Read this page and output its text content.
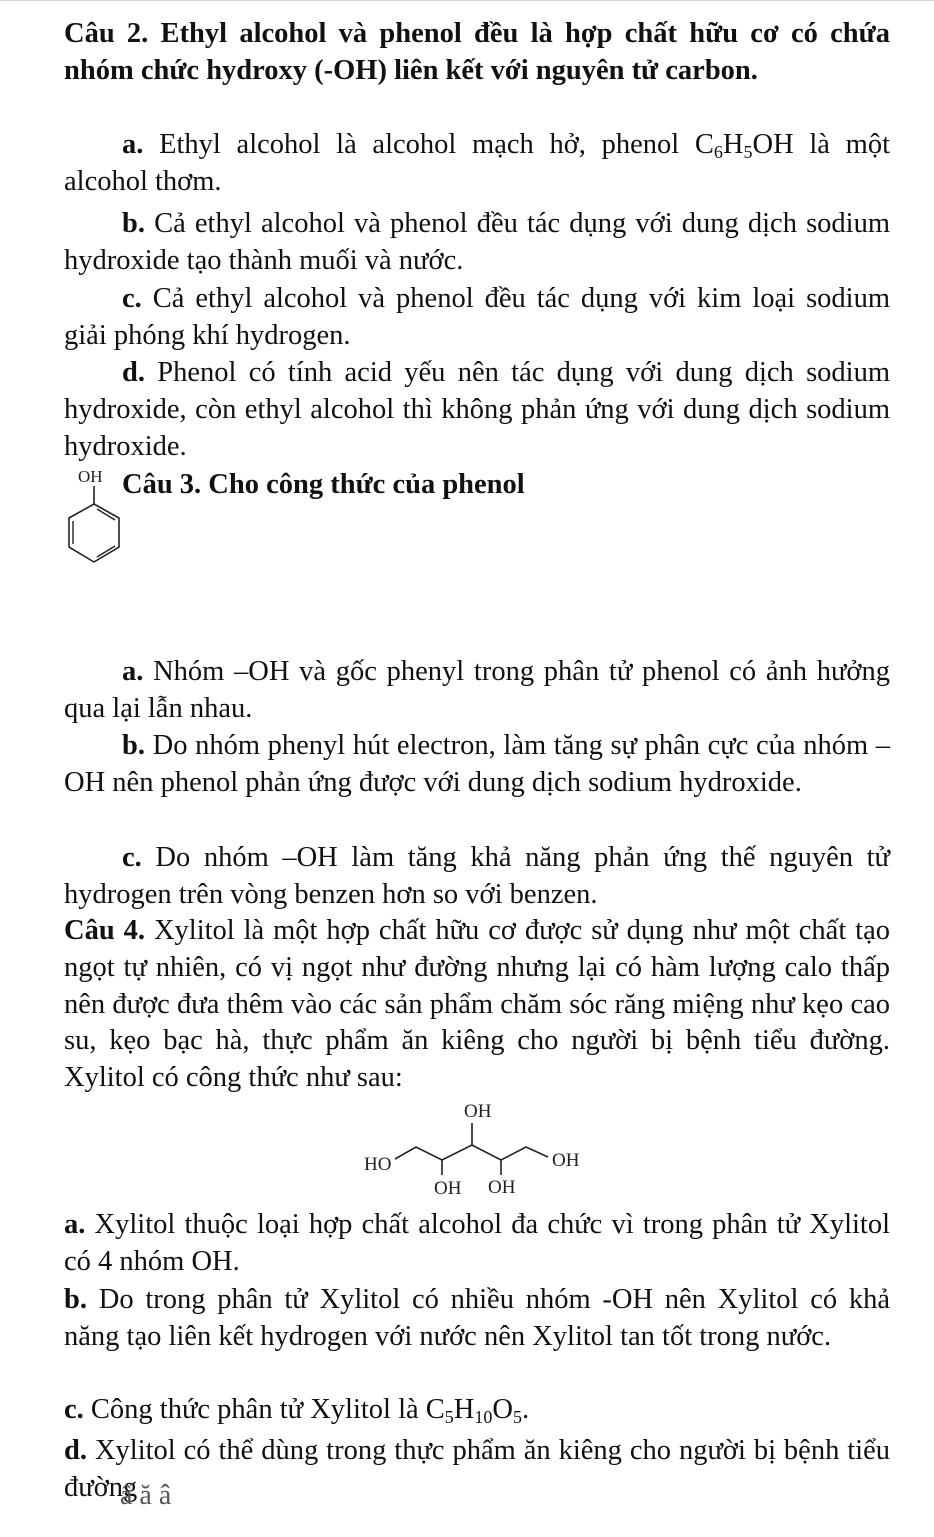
Câu 2. Ethyl alcohol và phenol đều là hợp chất hữu cơ có chứa nhóm chức hydroxy (-OH) liên kết với nguyên tử carbon.

a. Ethyl alcohol là alcohol mạch hở, phenol $C_6H_5OH$ là một alcohol thơm.

b. Cả ethyl alcohol và phenol đều tác dụng với dung dịch sodium hydroxide tạo thành muối và nước.

c. Cả ethyl alcohol và phenol đều tác dụng với kim loại sodium giải phóng khí hydrogen.

d. Phenol có tính acid yếu nên tác dụng với dung dịch sodium hydroxide, còn ethyl alcohol thì không phản ứng với dung dịch sodium hydroxide.

OH Câu 3. Cho công thức của phenol

a. Nhóm –OH và gốc phenyl trong phân tử phenol có ảnh hưởng qua lại lẫn nhau.

b. Do nhóm phenyl hút electron, làm tăng sự phân cực của nhóm –OH nên phenol phản ứng được với dung dịch sodium hydroxide.

c. Do nhóm –OH làm tăng khả năng phản ứng thế nguyên tử hydrogen trên vòng benzen hơn so với benzen.

Câu 4. Xylitol là một hợp chất hữu cơ được sử dụng như một chất tạo ngọt tự nhiên, có vị ngọt như đường nhưng lại có hàm lượng calo thấp nên được đưa thêm vào các sản phẩm chăm sóc răng miệng như kẹo cao su, kẹo bạc hà, thực phẩm ăn kiêng cho người bị bệnh tiểu đường. Xylitol có công thức như sau:

OH
HO	OH
OH OH

a. Xylitol thuộc loại hợp chất alcohol đa chức vì trong phân tử Xylitol có 4 nhóm OH.

b. Do trong phân tử Xylitol có nhiều nhóm -OH nên Xylitol có khả năng tạo liên kết hydrogen với nước nên Xylitol tan tốt trong nước.

c. Công thức phân tử Xylitol là $C_5H_{10}O_5$.

d. Xylitol có thể dùng trong thực phẩm ăn kiêng cho người bị bệnh tiểu đường

ấ ă â
